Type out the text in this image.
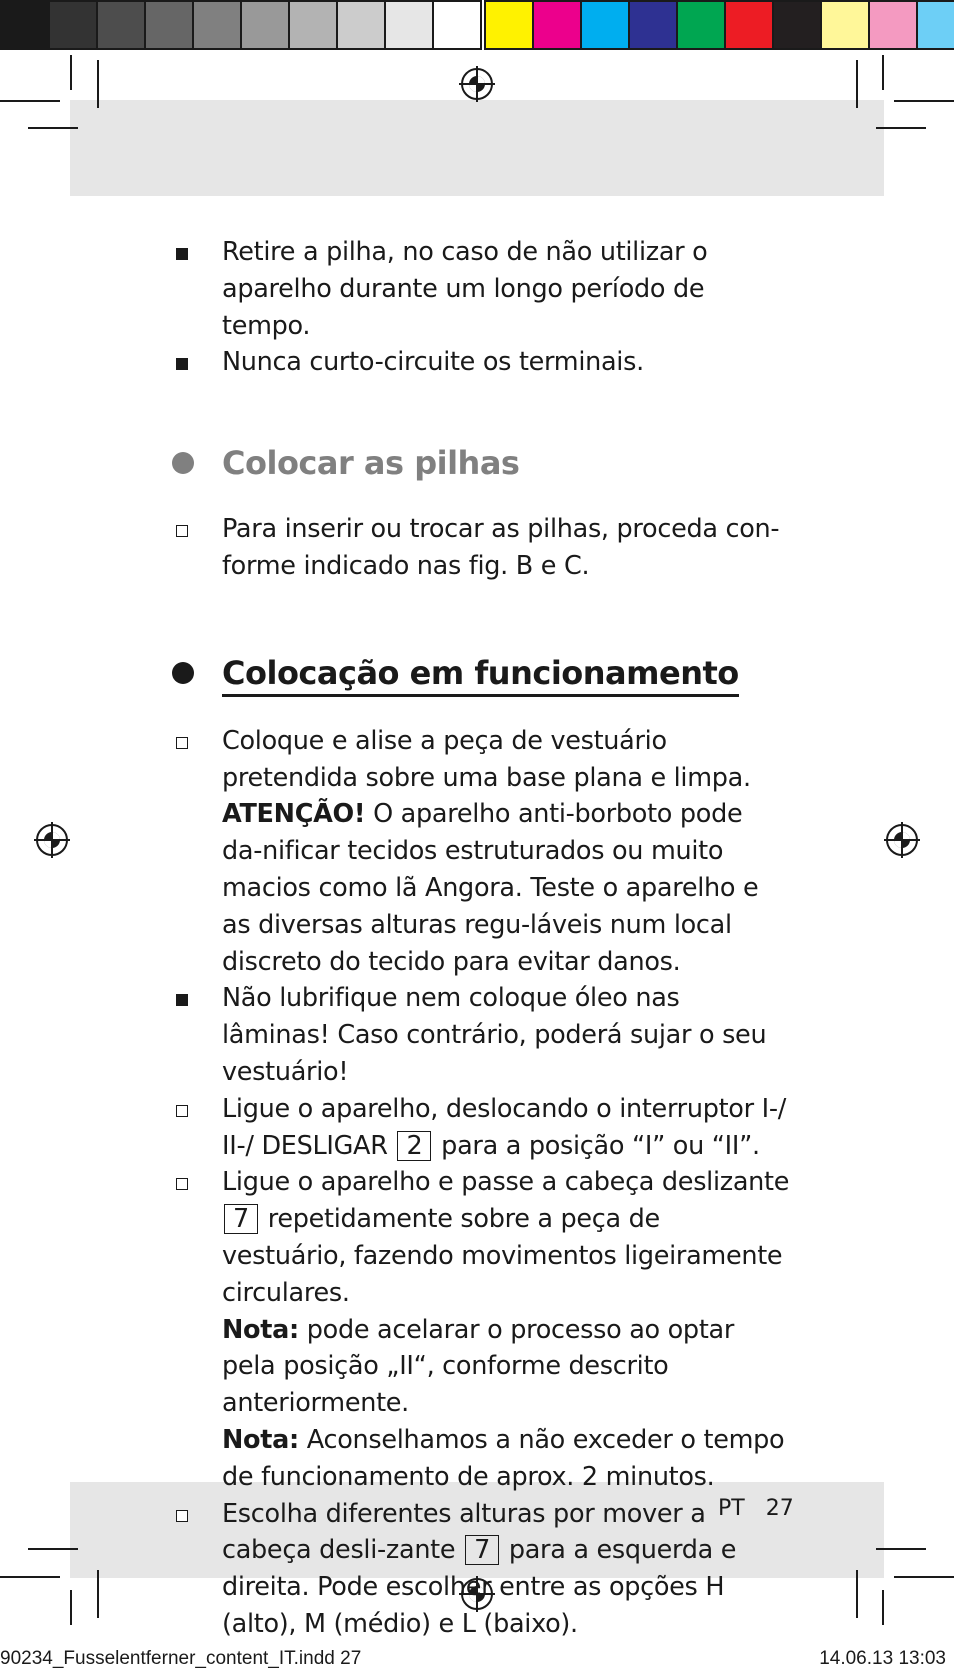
Retire a pilha, no caso de não utilizar o aparelho durante um longo período de tempo.
Nunca curto-circuite os terminais.
Colocar as pilhas
Para inserir ou trocar as pilhas, proceda con-forme indicado nas fig. B e C.
Colocação em funcionamento
Coloque e alise a peça de vestuário pretendida sobre uma base plana e limpa.
ATENÇÃO! O aparelho anti-borboto pode da-nificar tecidos estruturados ou muito macios como lã Angora. Teste o aparelho e as diversas alturas regu-láveis num local discreto do tecido para evitar danos.
Não lubrifique nem coloque óleo nas lâminas! Caso contrário, poderá sujar o seu vestuário!
Ligue o aparelho, deslocando o interruptor I-/ II-/ DESLIGAR 2 para a posição “I” ou “II”.
Ligue o aparelho e passe a cabeça deslizante 7 repetidamente sobre a peça de vestuário, fazendo movimentos ligeiramente circulares.
Nota: pode acelarar o processo ao optar pela posição „II“, conforme descrito anteriormente.
Nota: Aconselhamos a não exceder o tempo de funcionamento de aprox. 2 minutos.
Escolha diferentes alturas por mover a cabeça desli-zante 7 para a esquerda e direita. Pode escolher entre as opções H (alto), M (médio) e L (baixo).
PT 27
90234_Fusselentferner_content_IT.indd 27	14.06.13 13:03
